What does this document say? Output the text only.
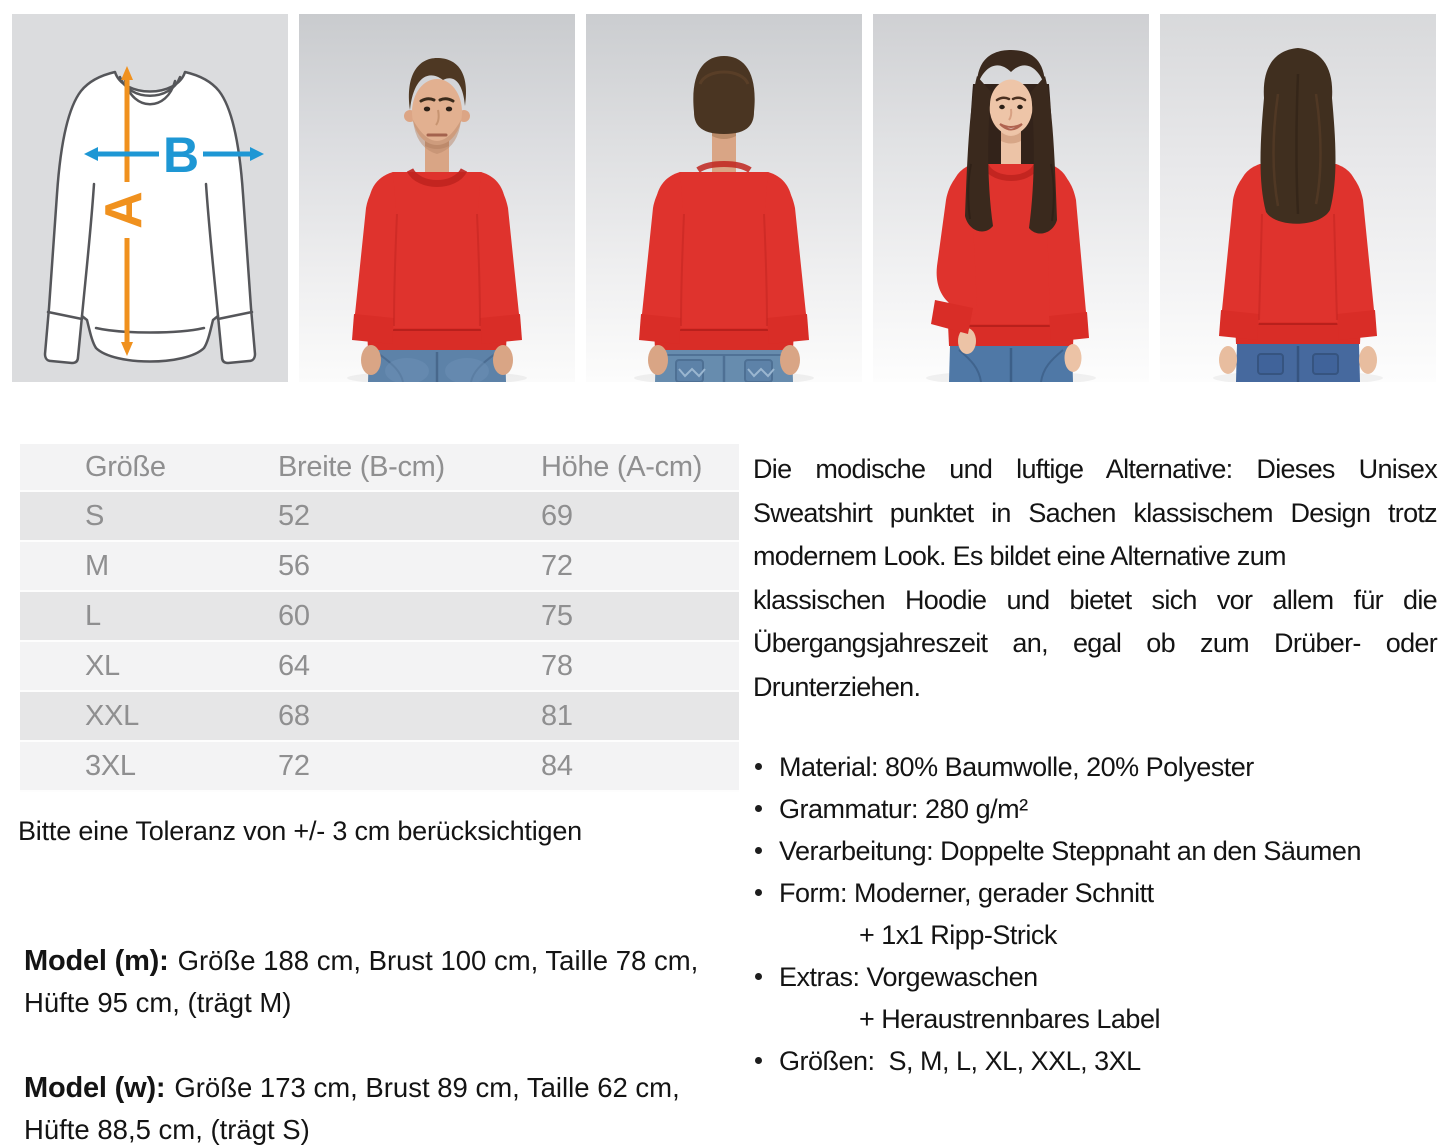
A
B
Größe	Breite (B-cm)	Höhe (A-cm)
S	52	69
M	56	72
L	60	75
XL	64	78
XXL	68	81
3XL	72	84
Bitte eine Toleranz von +/- 3 cm berücksichtigen

Model (m): Größe 188 cm, Brust 100 cm, Taille 78 cm, Hüfte 95 cm, (trägt M)

Model (w): Größe 173 cm, Brust 89 cm, Taille 62 cm, Hüfte 88,5 cm, (trägt S)

Die modische und luftige Alternative: Dieses Unisex
Sweatshirt punktet in Sachen klassischem Design trotz
modernem Look. Es bildet eine Alternative zum
klassischen Hoodie und bietet sich vor allem für die
Übergangsjahreszeit an, egal ob zum Drüber- oder
Drunterziehen.
Material: 80% Baumwolle, 20% Polyester
Grammatur: 280 g/m²
Verarbeitung: Doppelte Steppnaht an den Säumen
Form: Moderner, gerader Schnitt
+ 1x1 Ripp-Strick
Extras: Vorgewaschen
+ Heraustrennbares Label
Größen:  S, M, L, XL, XXL, 3XL
